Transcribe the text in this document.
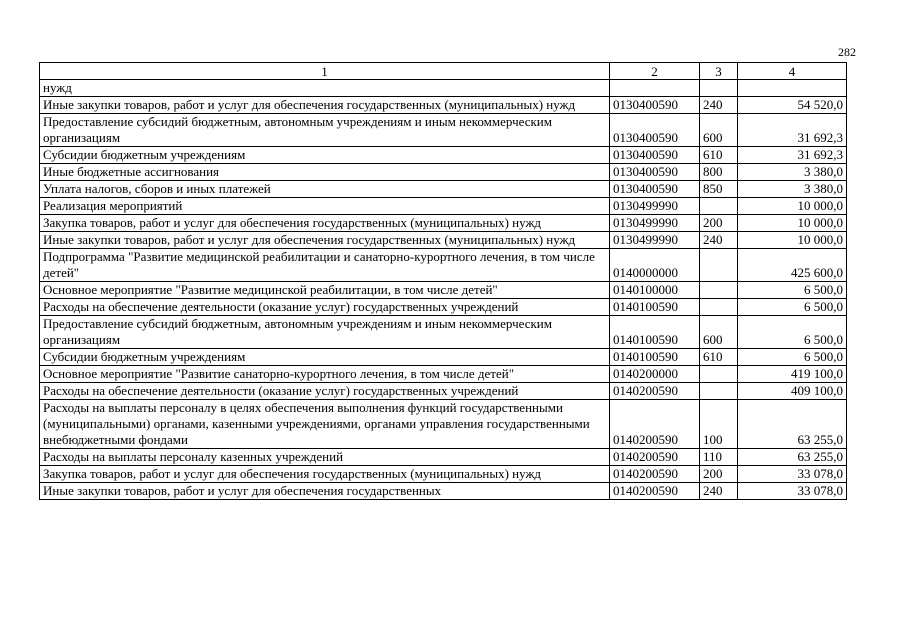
282
1	2	3	4
нужд			
Иные закупки товаров, работ и услуг для обеспечения государственных (муниципальных) нужд	0130400590	240	54 520,0
Предоставление субсидий бюджетным, автономным учреждениям и иным некоммерческим организациям	0130400590	600	31 692,3
Субсидии бюджетным учреждениям	0130400590	610	31 692,3
Иные бюджетные ассигнования	0130400590	800	3 380,0
Уплата налогов, сборов и иных платежей	0130400590	850	3 380,0
Реализация мероприятий	0130499990		10 000,0
Закупка товаров, работ и услуг для обеспечения государственных (муниципальных) нужд	0130499990	200	10 000,0
Иные закупки товаров, работ и услуг для обеспечения государственных (муниципальных) нужд	0130499990	240	10 000,0
Подпрограмма "Развитие медицинской реабилитации и санаторно-курортного лечения, в том числе детей"	0140000000		425 600,0
Основное мероприятие "Развитие медицинской реабилитации, в том числе детей"	0140100000		6 500,0
Расходы на обеспечение деятельности (оказание услуг) государственных учреждений	0140100590		6 500,0
Предоставление субсидий бюджетным, автономным учреждениям и иным некоммерческим организациям	0140100590	600	6 500,0
Субсидии бюджетным учреждениям	0140100590	610	6 500,0
Основное мероприятие "Развитие санаторно-курортного лечения, в том числе детей"	0140200000		419 100,0
Расходы на обеспечение деятельности (оказание услуг) государственных учреждений	0140200590		409 100,0
Расходы на выплаты персоналу в целях обеспечения выполнения функций государственными (муниципальными) органами, казенными учреждениями, органами управления государственными внебюджетными фондами	0140200590	100	63 255,0
Расходы на выплаты персоналу казенных учреждений	0140200590	110	63 255,0
Закупка товаров, работ и услуг для обеспечения государственных (муниципальных) нужд	0140200590	200	33 078,0
Иные закупки товаров, работ и услуг для обеспечения государственных	0140200590	240	33 078,0
